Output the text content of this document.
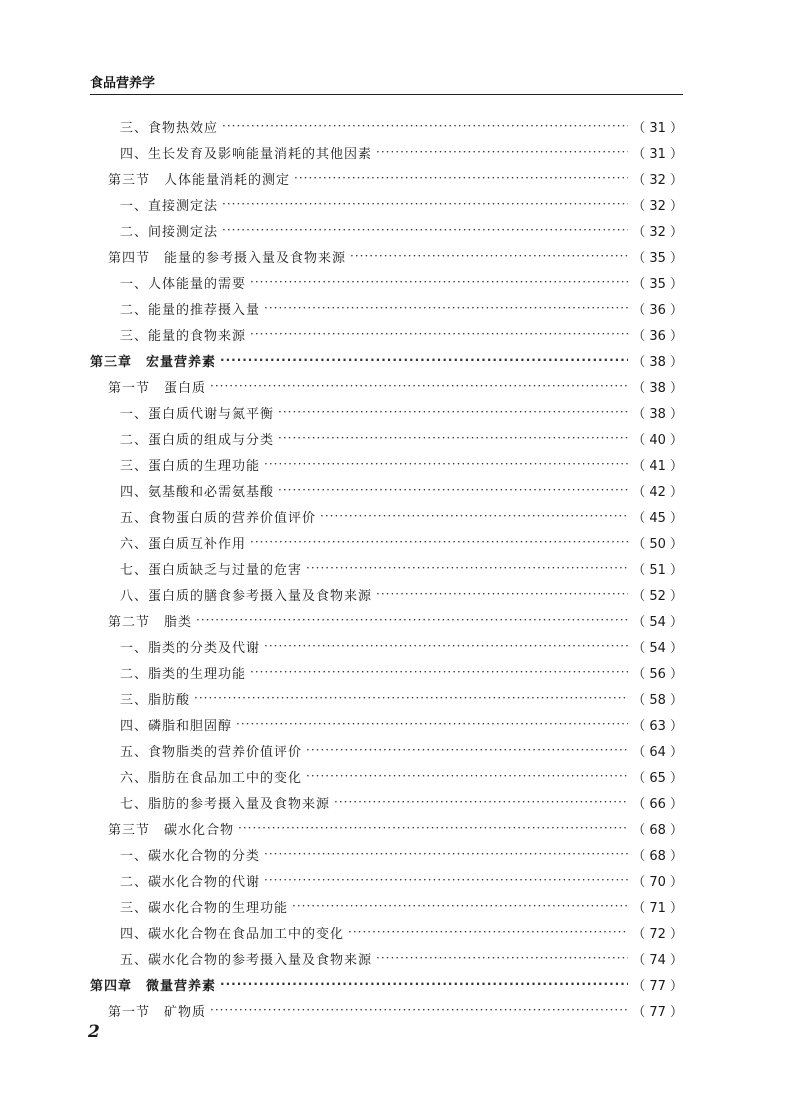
食品营养学
三、食物热效应 ·····	（ 31 ）
四、生长发育及影响能量消耗的其他因素 ·····	（ 31 ）
第三节　人体能量消耗的测定 ·····	（ 32 ）
一、直接测定法 ·····	（ 32 ）
二、间接测定法 ·····	（ 32 ）
第四节　能量的参考摄入量及食物来源 ·····	（ 35 ）
一、人体能量的需要 ·····	（ 35 ）
二、能量的推荐摄入量 ·····	（ 36 ）
三、能量的食物来源 ·····	（ 36 ）
第三章　宏量营养素 ·····	（ 38 ）
第一节　蛋白质 ·····	（ 38 ）
一、蛋白质代谢与氮平衡 ·····	（ 38 ）
二、蛋白质的组成与分类 ·····	（ 40 ）
三、蛋白质的生理功能 ·····	（ 41 ）
四、氨基酸和必需氨基酸 ·····	（ 42 ）
五、食物蛋白质的营养价值评价 ·····	（ 45 ）
六、蛋白质互补作用 ·····	（ 50 ）
七、蛋白质缺乏与过量的危害 ·····	（ 51 ）
八、蛋白质的膳食参考摄入量及食物来源 ·····	（ 52 ）
第二节　脂类 ·····	（ 54 ）
一、脂类的分类及代谢 ·····	（ 54 ）
二、脂类的生理功能 ·····	（ 56 ）
三、脂肪酸 ·····	（ 58 ）
四、磷脂和胆固醇 ·····	（ 63 ）
五、食物脂类的营养价值评价 ·····	（ 64 ）
六、脂肪在食品加工中的变化 ·····	（ 65 ）
七、脂肪的参考摄入量及食物来源 ·····	（ 66 ）
第三节　碳水化合物 ·····	（ 68 ）
一、碳水化合物的分类 ·····	（ 68 ）
二、碳水化合物的代谢 ·····	（ 70 ）
三、碳水化合物的生理功能 ·····	（ 71 ）
四、碳水化合物在食品加工中的变化 ·····	（ 72 ）
五、碳水化合物的参考摄入量及食物来源 ·····	（ 74 ）
第四章　微量营养素 ·····	（ 77 ）
第一节　矿物质 ·····	（ 77 ）
2
